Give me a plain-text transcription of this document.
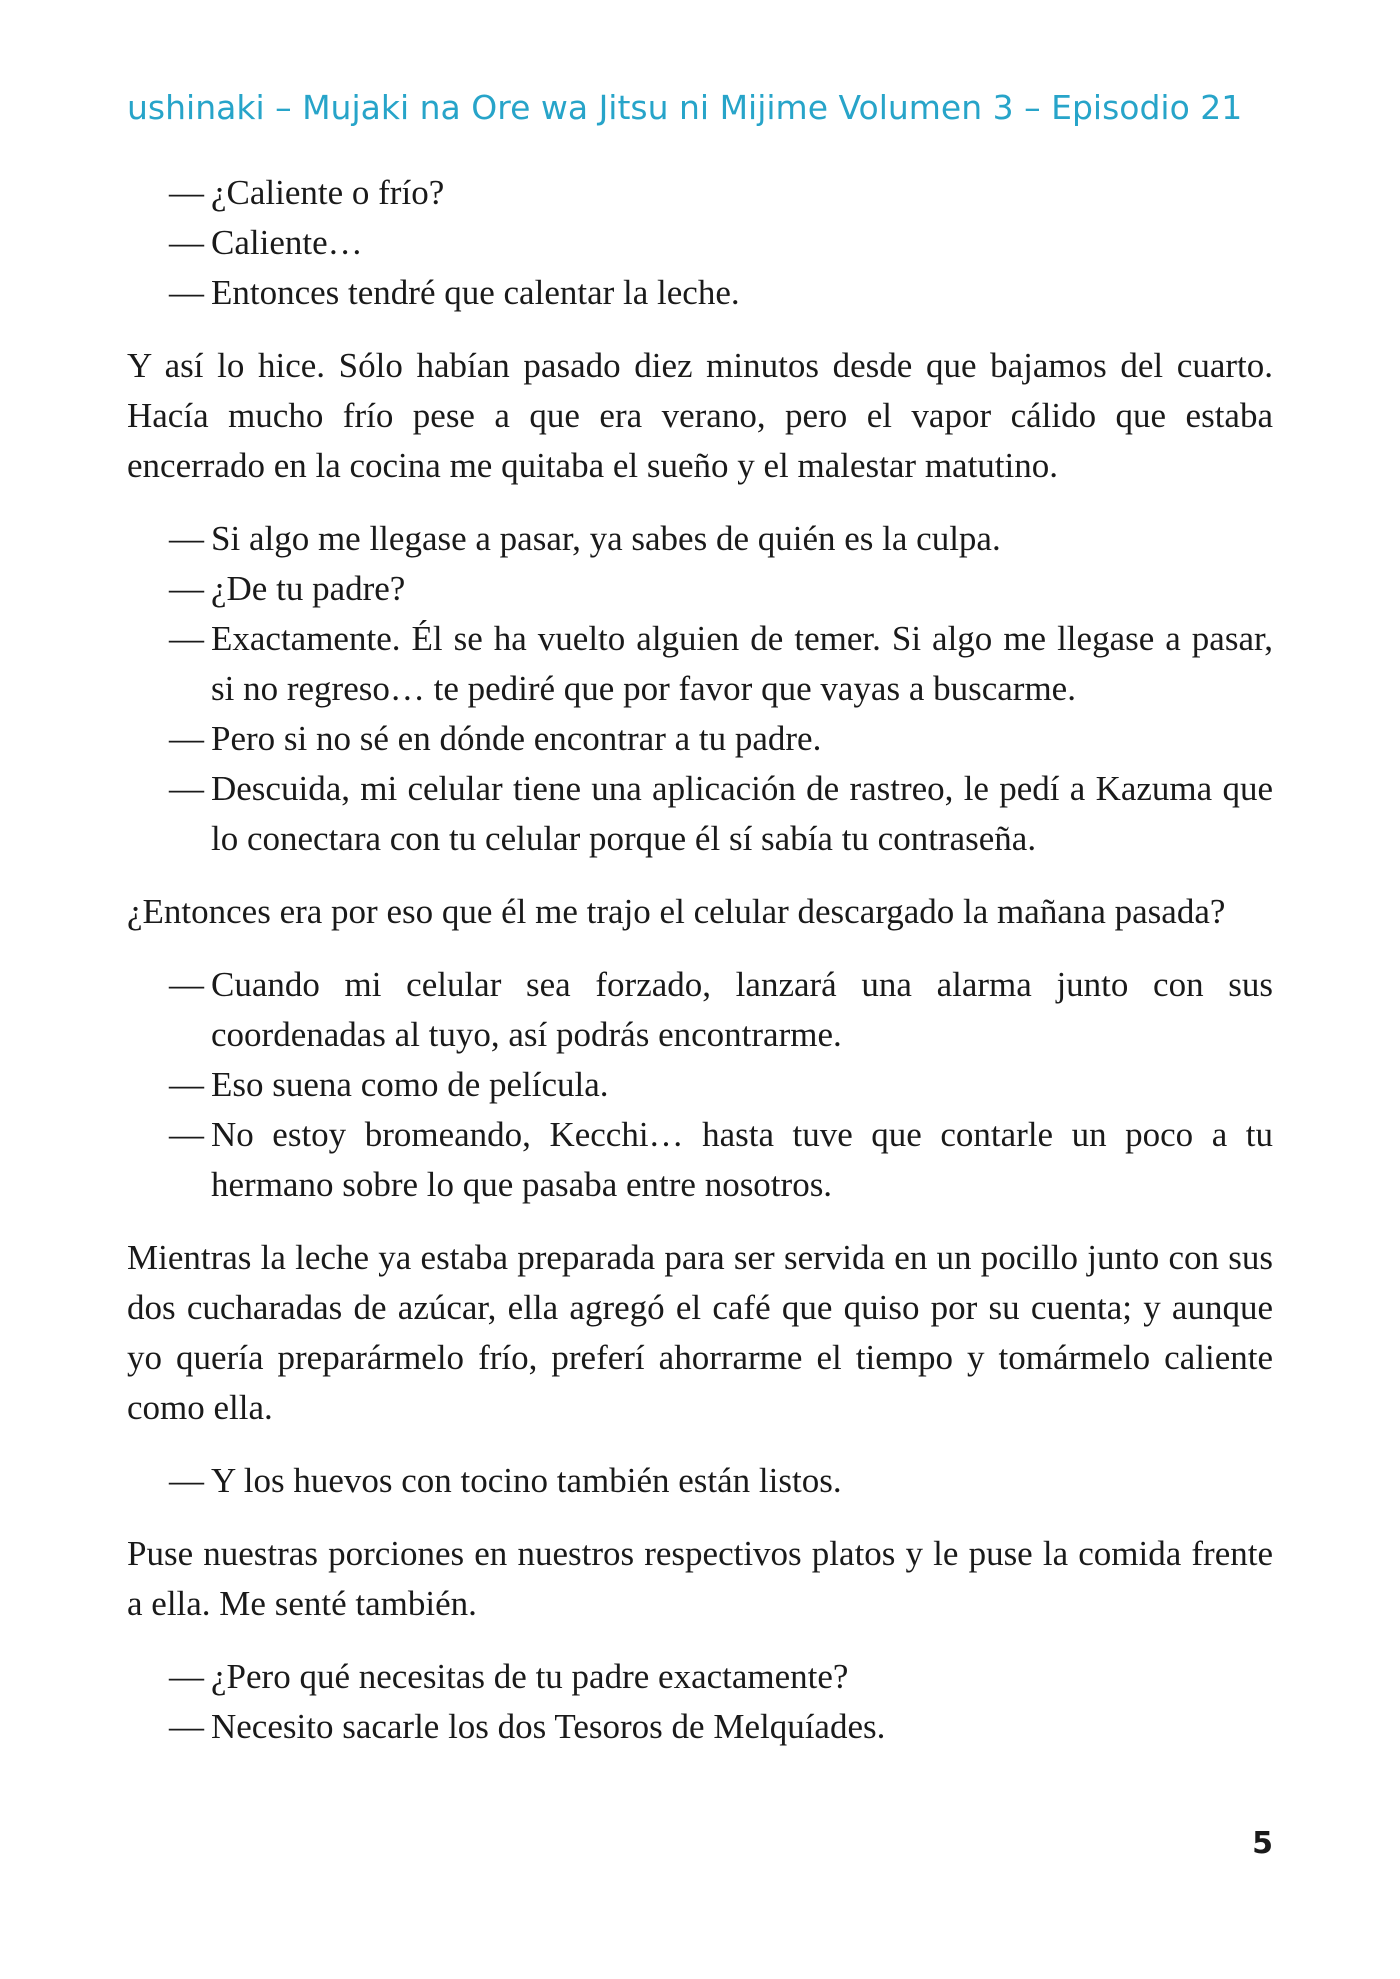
ushinaki – Mujaki na Ore wa Jitsu ni Mijime Volumen 3 – Episodio 21

— ¿Caliente o frío?

— Caliente…

— Entonces tendré que calentar la leche.

Y así lo hice. Sólo habían pasado diez minutos desde que bajamos del cuarto. Hacía mucho frío pese a que era verano, pero el vapor cálido que estaba encerrado en la cocina me quitaba el sueño y el malestar matutino.

— Si algo me llegase a pasar, ya sabes de quién es la culpa.

— ¿De tu padre?

— Exactamente. Él se ha vuelto alguien de temer. Si algo me llegase a pasar, si no regreso… te pediré que por favor que vayas a buscarme.

— Pero si no sé en dónde encontrar a tu padre.

— Descuida, mi celular tiene una aplicación de rastreo, le pedí a Kazuma que lo conectara con tu celular porque él sí sabía tu contraseña.

¿Entonces era por eso que él me trajo el celular descargado la mañana pasada?

— Cuando mi celular sea forzado, lanzará una alarma junto con sus coordenadas al tuyo, así podrás encontrarme.

— Eso suena como de película.

— No estoy bromeando, Kecchi… hasta tuve que contarle un poco a tu hermano sobre lo que pasaba entre nosotros.

Mientras la leche ya estaba preparada para ser servida en un pocillo junto con sus dos cucharadas de azúcar, ella agregó el café que quiso por su cuenta; y aunque yo quería preparármelo frío, preferí ahorrarme el tiempo y tomármelo caliente como ella.

— Y los huevos con tocino también están listos.

Puse nuestras porciones en nuestros respectivos platos y le puse la comida frente a ella. Me senté también.

— ¿Pero qué necesitas de tu padre exactamente?

— Necesito sacarle los dos Tesoros de Melquíades.

5
